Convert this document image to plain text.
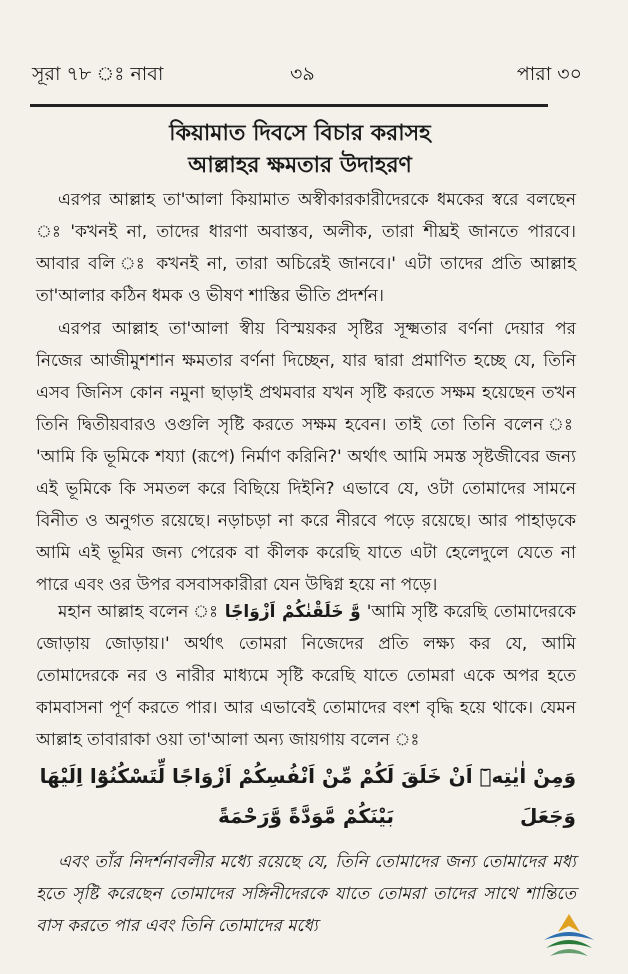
সূরা ৭৮ ঃ নাবা	৩৯	পারা ৩০
কিয়ামাত দিবসে বিচার করাসহ
আল্লাহর ক্ষমতার উদাহরণ

এরপর আল্লাহ তা'আলা কিয়ামাত অস্বীকারকারীদেরকে ধমকের স্বরে বলছেন ঃ 'কখনই না, তাদের ধারণা অবাস্তব, অলীক, তারা শীঘ্রই জানতে পারবে। আবার বলি ঃ কখনই না, তারা অচিরেই জানবে।' এটা তাদের প্রতি আল্লাহ তা'আলার কঠিন ধমক ও ভীষণ শাস্তির ভীতি প্রদর্শন।

এরপর আল্লাহ তা'আলা স্বীয় বিস্ময়কর সৃষ্টির সূক্ষ্মতার বর্ণনা দেয়ার পর নিজের আজীমুশশান ক্ষমতার বর্ণনা দিচ্ছেন, যার দ্বারা প্রমাণিত হচ্ছে যে, তিনি এসব জিনিস কোন নমুনা ছাড়াই প্রথমবার যখন সৃষ্টি করতে সক্ষম হয়েছেন তখন তিনি দ্বিতীয়বারও ওগুলি সৃষ্টি করতে সক্ষম হবেন। তাই তো তিনি বলেন ঃ 'আমি কি ভূমিকে শয্যা (রূপে) নির্মাণ করিনি?' অর্থাৎ আমি সমস্ত সৃষ্টজীবের জন্য এই ভূমিকে কি সমতল করে বিছিয়ে দিইনি? এভাবে যে, ওটা তোমাদের সামনে বিনীত ও অনুগত রয়েছে। নড়াচড়া না করে নীরবে পড়ে রয়েছে। আর পাহাড়কে আমি এই ভূমির জন্য পেরেক বা কীলক করেছি যাতে এটা হেলেদুলে যেতে না পারে এবং ওর উপর বসবাসকারীরা যেন উদ্বিগ্ন হয়ে না পড়ে।

মহান আল্লাহ বলেন ঃ وَّ خَلَقْنٰكُمْ اَزْوَاجًا 'আমি সৃষ্টি করেছি তোমাদেরকে জোড়ায় জোড়ায়।' অর্থাৎ তোমরা নিজেদের প্রতি লক্ষ্য কর যে, আমি তোমাদেরকে নর ও নারীর মাধ্যমে সৃষ্টি করেছি যাতে তোমরা একে অপর হতে কামবাসনা পূর্ণ করতে পার। আর এভাবেই তোমাদের বংশ বৃদ্ধি হয়ে থাকে। যেমন আল্লাহ তাবারাকা ওয়া তা'আলা অন্য জায়গায় বলেন ঃ

وَمِنْ اٰيٰتِهٖٓ اَنْ خَلَقَ لَكُمْ مِّنْ اَنْفُسِكُمْ اَزْوَاجًا لِّتَسْكُنُوْٓا اِلَيْهَا وَجَعَلَ
بَيْنَكُمْ مَّوَدَّةً وَّرَحْمَةً

এবং তাঁর নিদর্শনাবলীর মধ্যে রয়েছে যে, তিনি তোমাদের জন্য তোমাদের মধ্য হতে সৃষ্টি করেছেন তোমাদের সঙ্গিনীদেরকে যাতে তোমরা তাদের সাথে শান্তিতে বাস করতে পার এবং তিনি তোমাদের মধ্যে
